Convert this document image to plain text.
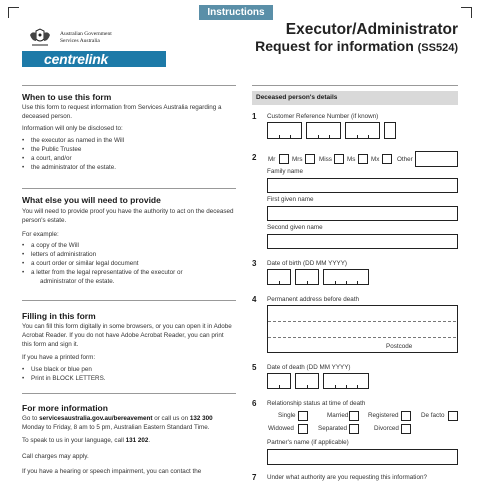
Instructions
Australian Government
Services Australia
centrelink
Executor/Administrator
Request for information (SS524)
When to use this form

Use this form to request information from Services Australia regarding a deceased person.

Information will only be disclosed to:

• the executor as named in the Will
• the Public Trustee
• a court, and/or
• the administrator of the estate.
What else you will need to provide

You will need to provide proof you have the authority to act on the deceased person's estate.

For example:

• a copy of the Will
• letters of administration
• a court order or similar legal document
• a letter from the legal representative of the executor or
administrator of the estate.
Filling in this form

You can fill this form digitally in some browsers, or you can open it in Adobe Acrobat Reader. If you do not have Adobe Acrobat Reader, you can print this form and sign it.

If you have a printed form:

• Use black or blue pen
• Print in BLOCK LETTERS.
For more information

Go to servicesaustralia.gov.au/bereavement or call us on 132 300
Monday to Friday, 8 am to 5 pm, Australian Eastern Standard Time.

To speak to us in your language, call 131 202.

Call charges may apply.

If you have a hearing or speech impairment, you can contact the

Deceased person's details
1 Customer Reference Number (if known)
2 Mr	Mrs	Miss Ms Mx	Other
Family name
First given name
Second given name
3 Date of birth (DD MM YYYY)
4 Permanent address before death
Postcode
5 Date of death (DD MM YYYY)
6 Relationship status at time of death
Single	Married	Registered	De facto
Widowed	Separated	Divorced
Partner's name (if applicable)
7 Under what authority are you requesting this information?
